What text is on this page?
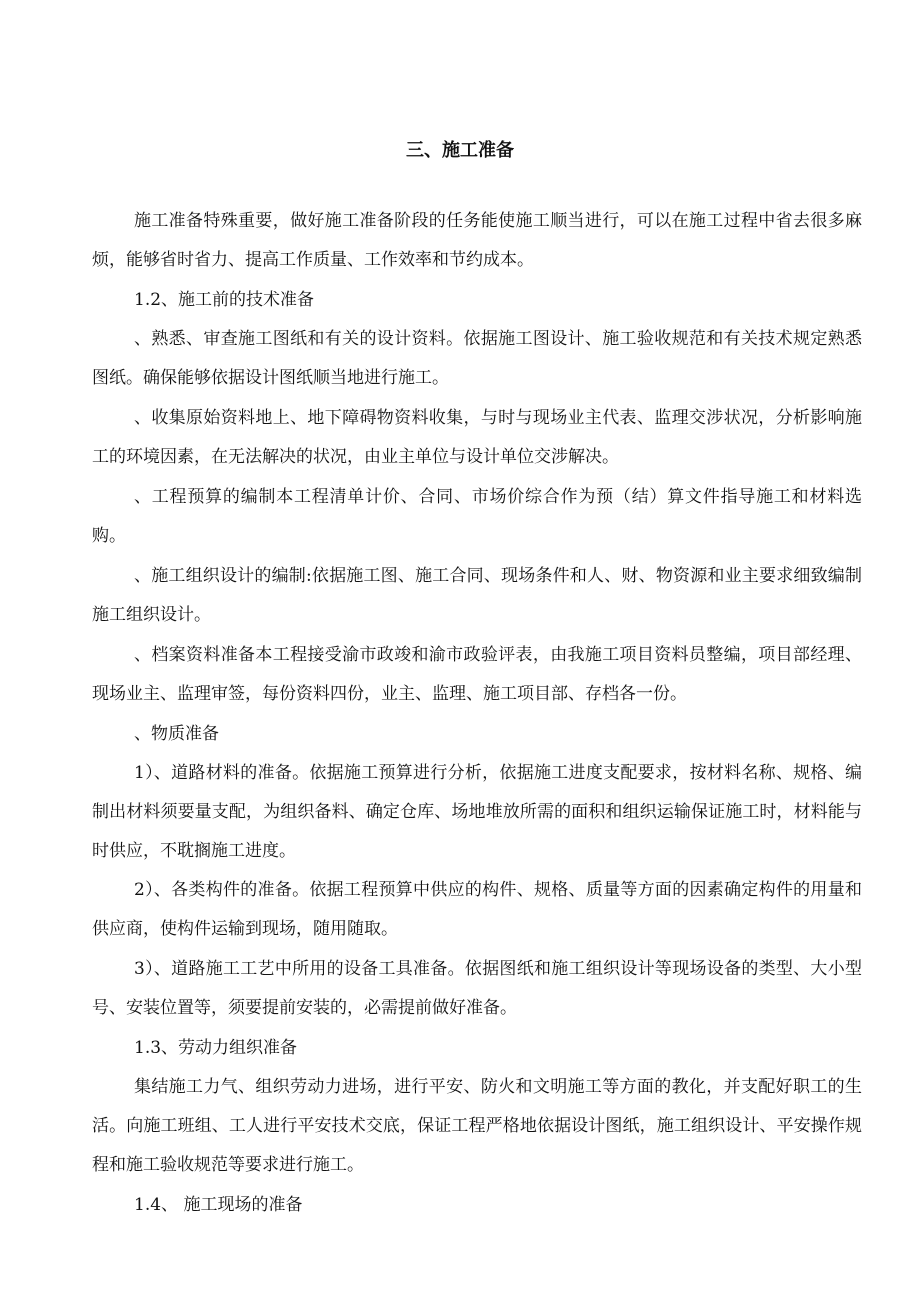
三、施工准备

施工准备特殊重要，做好施工准备阶段的任务能使施工顺当进行，可以在施工过程中省去很多麻烦，能够省时省力、提高工作质量、工作效率和节约成本。

1.2、施工前的技术准备

、熟悉、审查施工图纸和有关的设计资料。依据施工图设计、施工验收规范和有关技术规定熟悉图纸。确保能够依据设计图纸顺当地进行施工。

、收集原始资料地上、地下障碍物资料收集，与时与现场业主代表、监理交涉状况，分析影响施工的环境因素，在无法解决的状况，由业主单位与设计单位交涉解决。

、工程预算的编制本工程清单计价、合同、市场价综合作为预（结）算文件指导施工和材料选购。

、施工组织设计的编制:依据施工图、施工合同、现场条件和人、财、物资源和业主要求细致编制施工组织设计。

、档案资料准备本工程接受渝市政竣和渝市政验评表，由我施工项目资料员整编，项目部经理、现场业主、监理审签，每份资料四份，业主、监理、施工项目部、存档各一份。

、物质准备

1）、道路材料的准备。依据施工预算进行分析，依据施工进度支配要求，按材料名称、规格、编制出材料须要量支配，为组织备料、确定仓库、场地堆放所需的面积和组织运输保证施工时，材料能与时供应，不耽搁施工进度。

2）、各类构件的准备。依据工程预算中供应的构件、规格、质量等方面的因素确定构件的用量和供应商，使构件运输到现场，随用随取。

3）、道路施工工艺中所用的设备工具准备。依据图纸和施工组织设计等现场设备的类型、大小型号、安装位置等，须要提前安装的，必需提前做好准备。

1.3、劳动力组织准备

集结施工力气、组织劳动力进场，进行平安、防火和文明施工等方面的教化，并支配好职工的生活。向施工班组、工人进行平安技术交底，保证工程严格地依据设计图纸，施工组织设计、平安操作规程和施工验收规范等要求进行施工。

1.4、 施工现场的准备
